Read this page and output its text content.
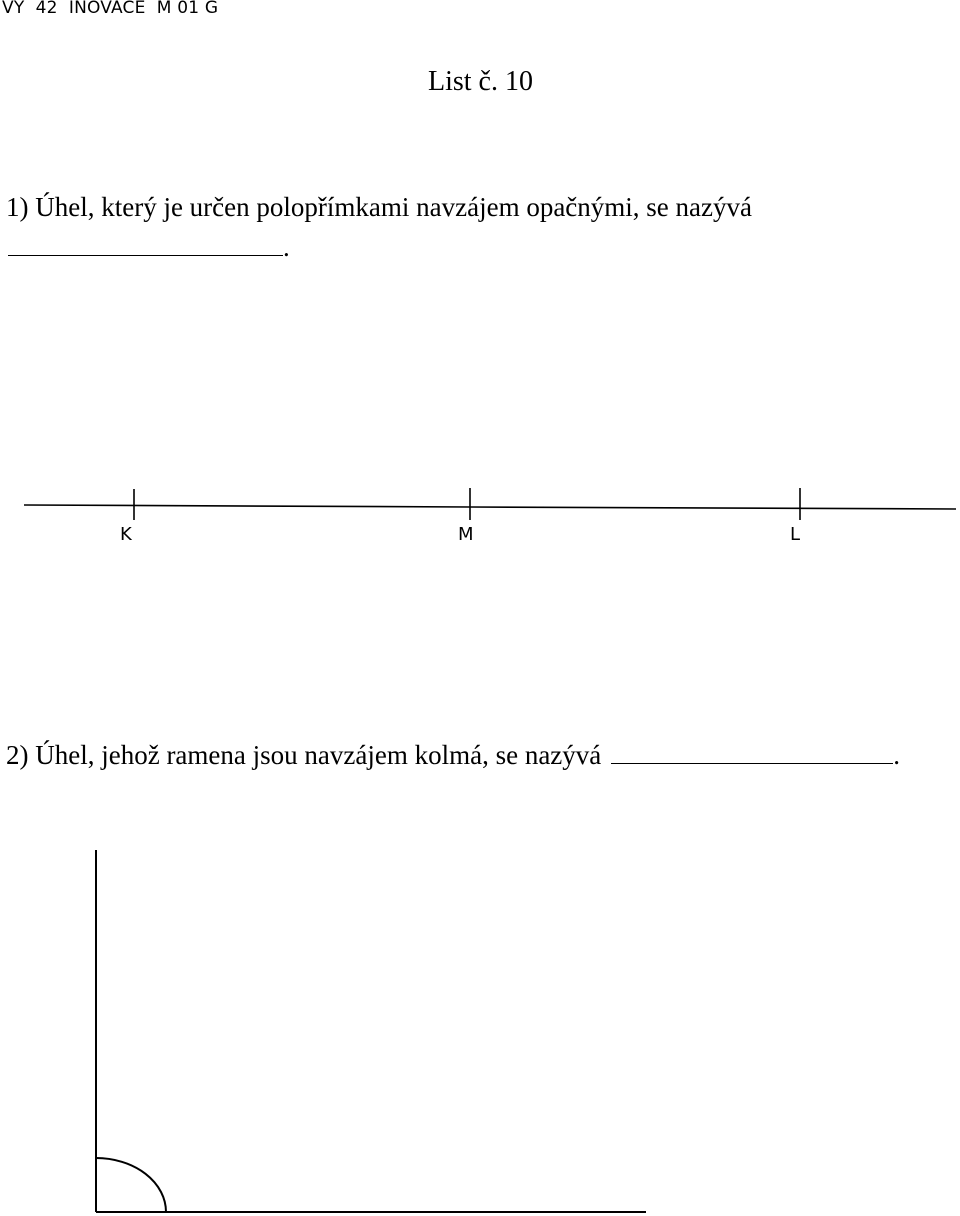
VY  42  INOVACE  M 01 G
List č. 10
1) Úhel, který je určen polopřímkami navzájem opačnými, se nazývá
.
K	M	L
2) Úhel, jehož ramena jsou navzájem kolmá, se nazývá	.
